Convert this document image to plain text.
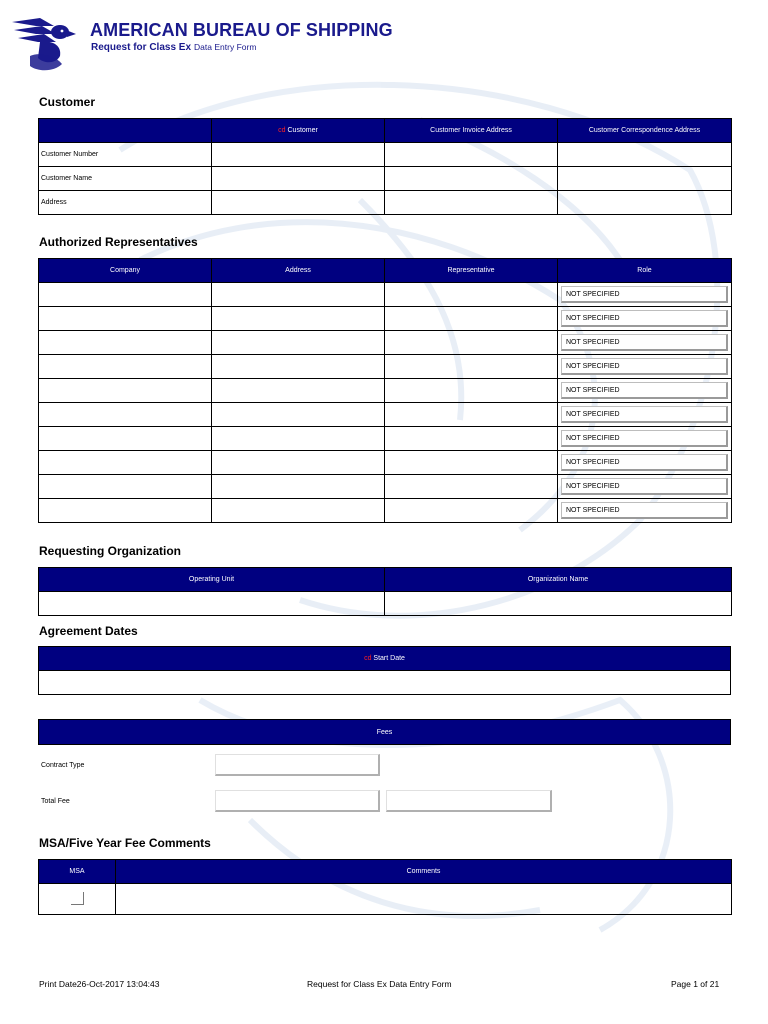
AMERICAN BUREAU OF SHIPPING
Request for Class Ex Data Entry Form
Customer
	cd Customer	Customer Invoice Address	Customer Correspondence Address
Customer Number			
Customer Name			
Address			
Authorized Representatives
Company	Address	Representative	Role

			NOT SPECIFIED

			NOT SPECIFIED

			NOT SPECIFIED

			NOT SPECIFIED

			NOT SPECIFIED

			NOT SPECIFIED

			NOT SPECIFIED

			NOT SPECIFIED

			NOT SPECIFIED

			NOT SPECIFIED
Requesting Organization
Operating Unit	Organization Name

Agreement Dates
cd Start Date

Fees
Contract Type
Total Fee
MSA/Five Year Fee Comments
MSA	Comments

Print Date26-Oct-2017 13:04:43	Request for Class Ex Data Entry Form	Page 1 of 21
